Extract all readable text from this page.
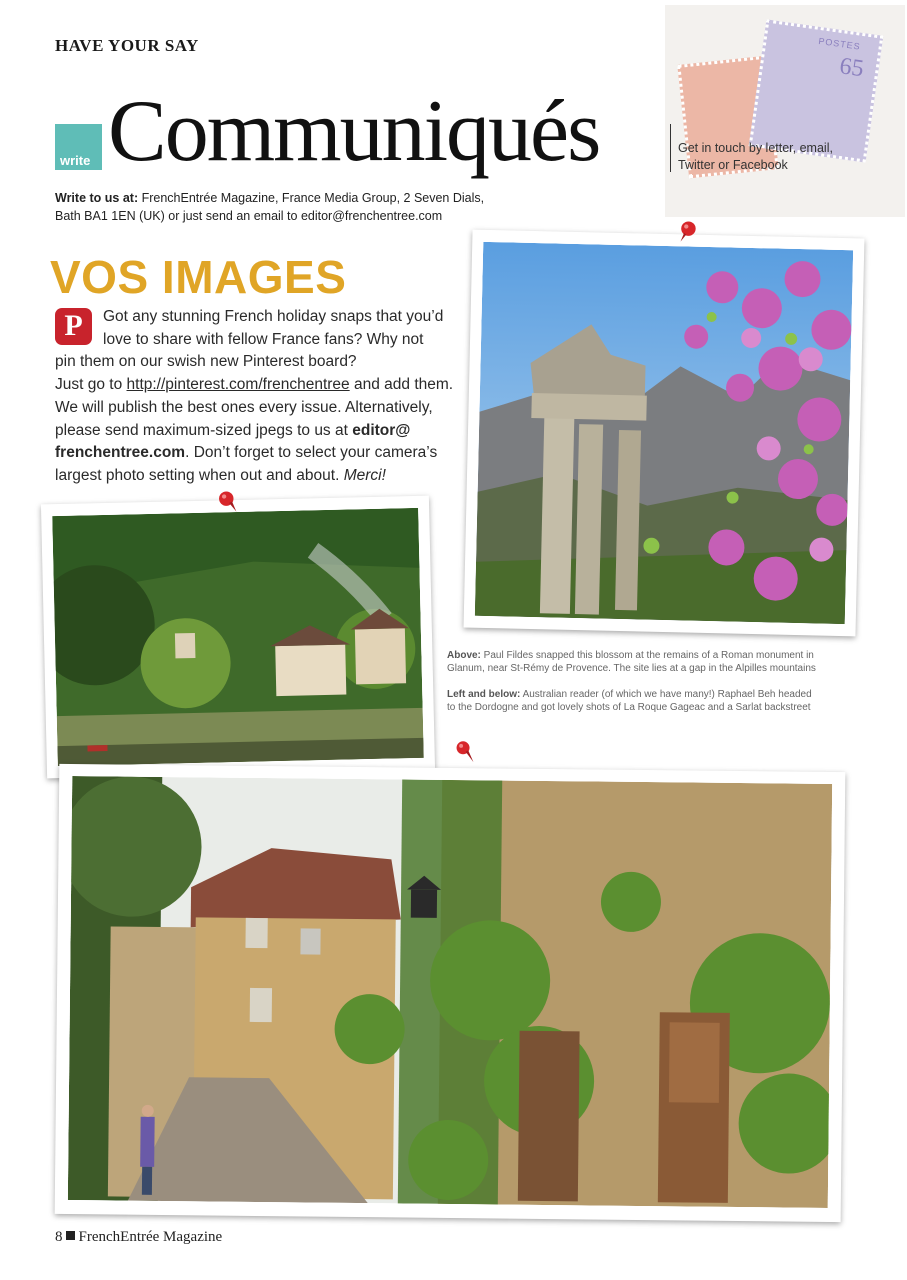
HAVE YOUR SAY	POSTES
65
write Communiqués	Get in touch by letter, email, Twitter or Facebook
Write to us at: FrenchEntrée Magazine, France Media Group, 2 Seven Dials,
Bath BA1 1EN (UK) or just send an email to editor@frenchentree.com
VOS IMAGES
P	Got any stunning French holiday snaps that you’d
love to share with fellow France fans? Why not
pin them on our swish new Pinterest board?
Just go to http://pinterest.com/frenchentree and add them.
We will publish the best ones every issue. Alternatively,
please send maximum-sized jpegs to us at editor@
frenchentree.com. Don’t forget to select your camera’s
largest photo setting when out and about. Merci!
Above: Paul Fildes snapped this blossom at the remains of a Roman monument in
Glanum, near St-Rémy de Provence. The site lies at a gap in the Alpilles mountains
Left and below: Australian reader (of which we have many!) Raphael Beh headed
to the Dordogne and got lovely shots of La Roque Gageac and a Sarlat backstreet
8 FrenchEntrée Magazine
